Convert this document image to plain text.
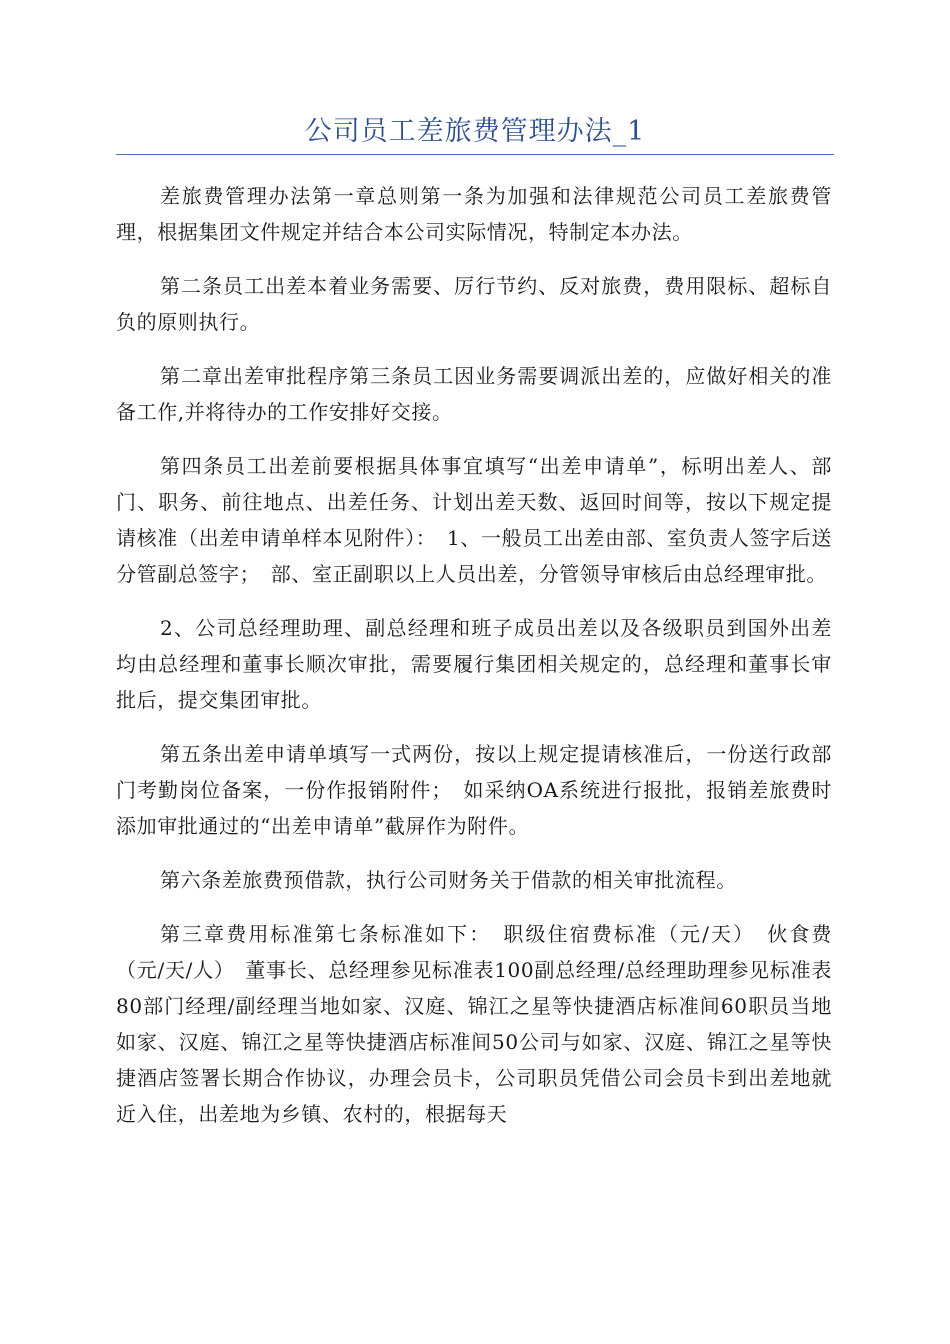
公司员工差旅费管理办法_1

差旅费管理办法第一章总则第一条为加强和法律规范公司员工差旅费管理，根据集团文件规定并结合本公司实际情况，特制定本办法。

第二条员工出差本着业务需要、厉行节约、反对旅费，费用限标、超标自负的原则执行。

第二章出差审批程序第三条员工因业务需要调派出差的，应做好相关的准备工作,并将待办的工作安排好交接。

第四条员工出差前要根据具体事宜填写“出差申请单”，标明出差人、部门、职务、前往地点、出差任务、计划出差天数、返回时间等，按以下规定提请核准（出差申请单样本见附件）：　1、一般员工出差由部、室负责人签字后送分管副总签字；　部、室正副职以上人员出差，分管领导审核后由总经理审批。

2、公司总经理助理、副总经理和班子成员出差以及各级职员到国外出差均由总经理和董事长顺次审批，需要履行集团相关规定的，总经理和董事长审批后，提交集团审批。

第五条出差申请单填写一式两份，按以上规定提请核准后，一份送行政部门考勤岗位备案，一份作报销附件；　如采纳OA系统进行报批，报销差旅费时添加审批通过的“出差申请单”截屏作为附件。

第六条差旅费预借款，执行公司财务关于借款的相关审批流程。

第三章费用标准第七条标准如下：　职级住宿费标准（元/天）　伙食费（元/天/人）　董事长、总经理参见标准表100副总经理/总经理助理参见标准表80部门经理/副经理当地如家、汉庭、锦江之星等快捷酒店标准间60职员当地如家、汉庭、锦江之星等快捷酒店标准间50公司与如家、汉庭、锦江之星等快捷酒店签署长期合作协议，办理会员卡，公司职员凭借公司会员卡到出差地就近入住，出差地为乡镇、农村的，根据每天
